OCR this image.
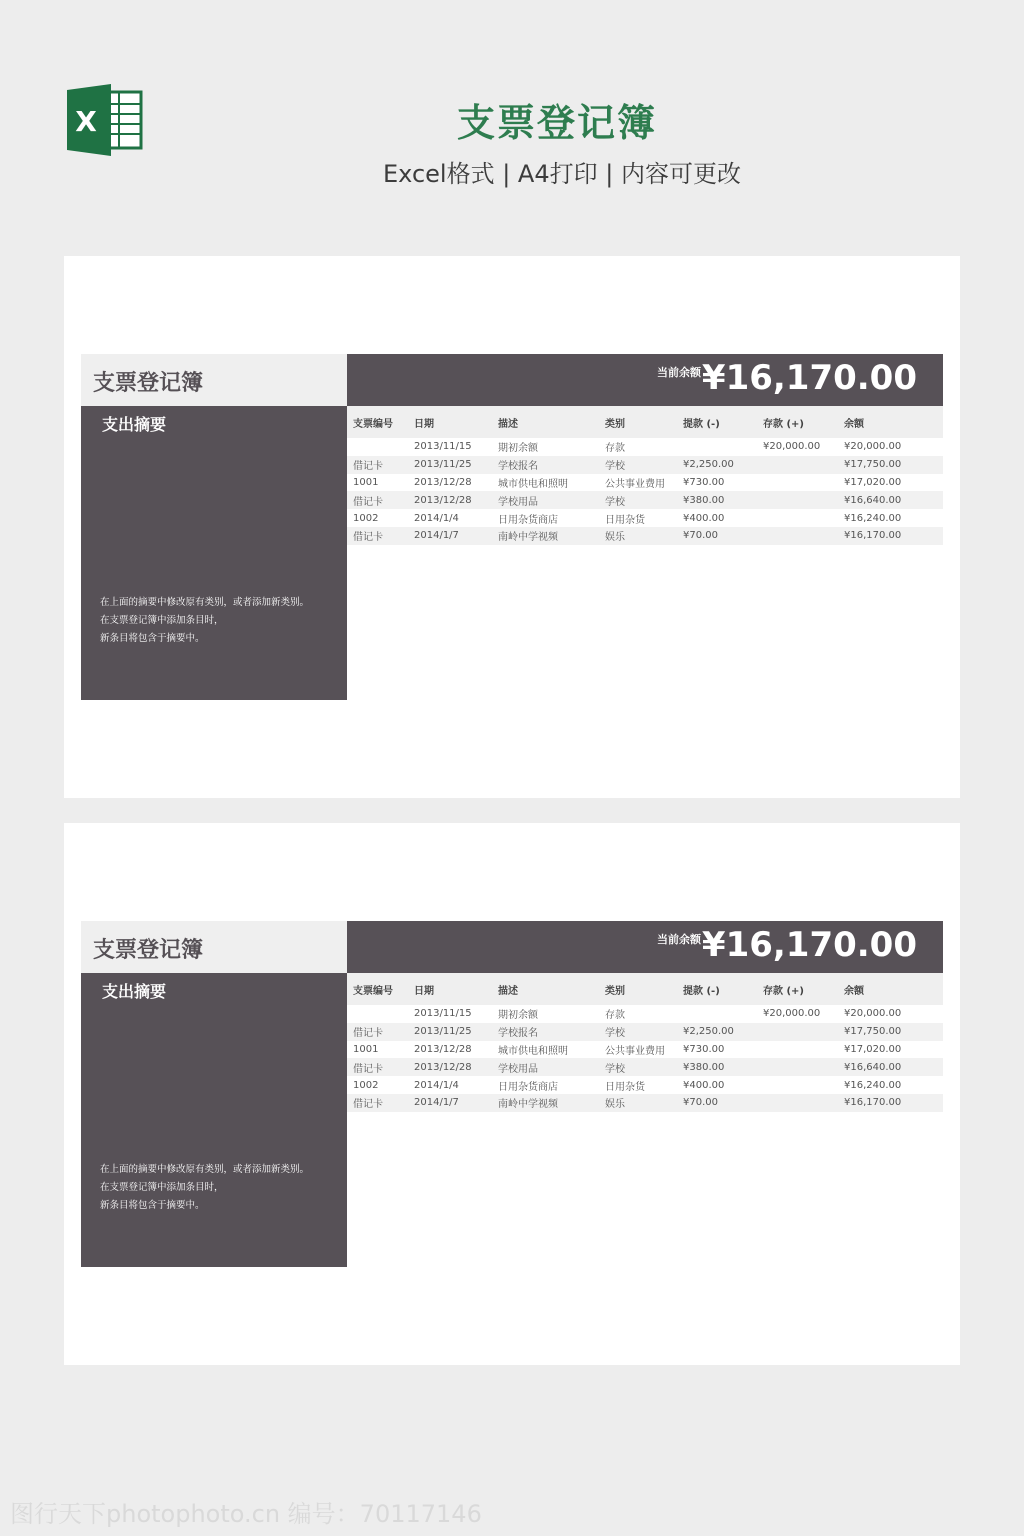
X	支票登记簿
Excel格式 | A4打印 | 内容可更改
支票登记簿	当前余额 ¥16,170.00
支出摘要
在上面的摘要中修改原有类别，或者添加新类别。
在支票登记簿中添加条目时，
新条目将包含于摘要中。
支票编号	日期	描述	类别	提款 (-)	存款 (+)	余额
	2013/11/15	期初余额	存款		¥20,000.00	¥20,000.00
借记卡	2013/11/25	学校报名	学校	¥2,250.00		¥17,750.00
1001	2013/12/28	城市供电和照明	公共事业费用	¥730.00		¥17,020.00
借记卡	2013/12/28	学校用品	学校	¥380.00		¥16,640.00
1002	2014/1/4	日用杂货商店	日用杂货	¥400.00		¥16,240.00
借记卡	2014/1/7	南岭中学视频	娱乐	¥70.00		¥16,170.00
支票登记簿	当前余额 ¥16,170.00
支出摘要
在上面的摘要中修改原有类别，或者添加新类别。
在支票登记簿中添加条目时，
新条目将包含于摘要中。
支票编号	日期	描述	类别	提款 (-)	存款 (+)	余额
	2013/11/15	期初余额	存款		¥20,000.00	¥20,000.00
借记卡	2013/11/25	学校报名	学校	¥2,250.00		¥17,750.00
1001	2013/12/28	城市供电和照明	公共事业费用	¥730.00		¥17,020.00
借记卡	2013/12/28	学校用品	学校	¥380.00		¥16,640.00
1002	2014/1/4	日用杂货商店	日用杂货	¥400.00		¥16,240.00
借记卡	2014/1/7	南岭中学视频	娱乐	¥70.00		¥16,170.00
图行天下photophoto.cn 编号：70117146
